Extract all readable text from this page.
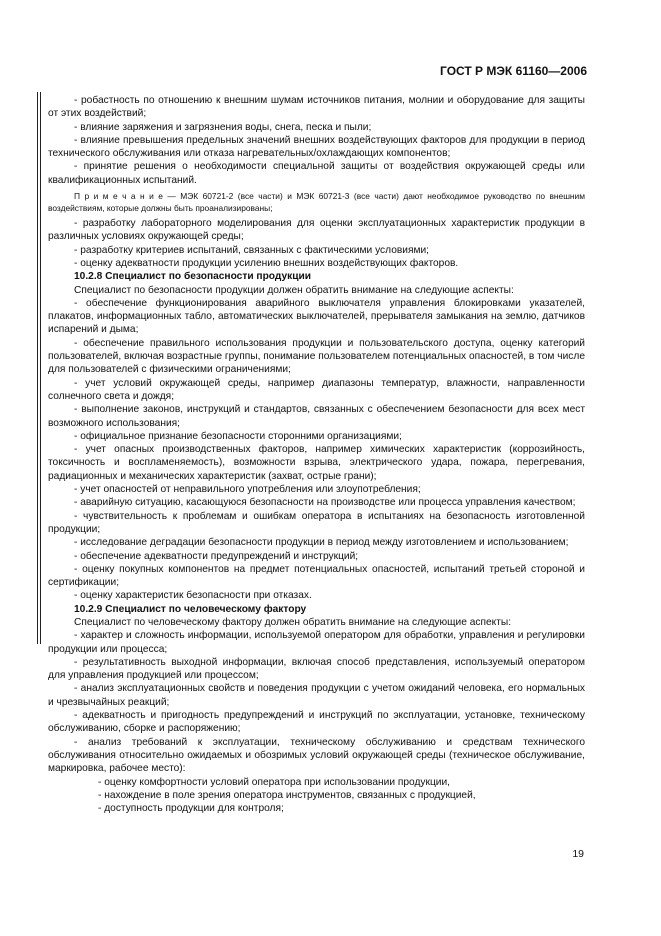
ГОСТ Р МЭК 61160—2006

- робастность по отношению к внешним шумам источников питания, молнии и оборудование для защиты от этих воздействий;

- влияние заряжения и загрязнения воды, снега, песка и пыли;

- влияние превышения предельных значений внешних воздействующих факторов для продукции в период технического обслуживания или отказа нагревательных/охлаждающих компонентов;

- принятие решения о необходимости специальной защиты от воздействия окружающей среды или квалификационных испытаний.

П р и м е ч а н и е — МЭК 60721-2 (все части) и МЭК 60721-3 (все части) дают необходимое руководство по внешним воздействиям, которые должны быть проанализированы;

- разработку лабораторного моделирования для оценки эксплуатационных характеристик продукции в различных условиях окружающей среды;

- разработку критериев испытаний, связанных с фактическими условиями;

- оценку адекватности продукции усилению внешних воздействующих факторов.

10.2.8 Специалист по безопасности продукции

Специалист по безопасности продукции должен обратить внимание на следующие аспекты:

- обеспечение функционирования аварийного выключателя управления блокировками указателей, плакатов, информационных табло, автоматических выключателей, прерывателя замыкания на землю, датчиков испарений и дыма;

- обеспечение правильного использования продукции и пользовательского доступа, оценку категорий пользователей, включая возрастные группы, понимание пользователем потенциальных опасностей, в том числе для пользователей с физическими ограничениями;

- учет условий окружающей среды, например диапазоны температур, влажности, направленности солнечного света и дождя;

- выполнение законов, инструкций и стандартов, связанных с обеспечением безопасности для всех мест возможного использования;

- официальное признание безопасности сторонними организациями;

- учет опасных производственных факторов, например химических характеристик (коррозийность, токсичность и воспламеняемость), возможности взрыва, электрического удара, пожара, перегревания, радиационных и механических характеристик (захват, острые грани);

- учет опасностей от неправильного употребления или злоупотребления;

- аварийную ситуацию, касающуюся безопасности на производстве или процесса управления качеством;

- чувствительность к проблемам и ошибкам оператора в испытаниях на безопасность изготовленной продукции;

- исследование деградации безопасности продукции в период между изготовлением и использованием;

- обеспечение адекватности предупреждений и инструкций;

- оценку покупных компонентов на предмет потенциальных опасностей, испытаний третьей стороной и сертификации;

- оценку характеристик безопасности при отказах.

10.2.9 Специалист по человеческому фактору

Специалист по человеческому фактору должен обратить внимание на следующие аспекты:

- характер и сложность информации, используемой оператором для обработки, управления и регулировки продукции или процесса;

- результативность выходной информации, включая способ представления, используемый оператором для управления продукцией или процессом;

- анализ эксплуатационных свойств и поведения продукции с учетом ожиданий человека, его нормальных и чрезвычайных реакций;

- адекватность и пригодность предупреждений и инструкций по эксплуатации, установке, техническому обслуживанию, сборке и распоряжению;

- анализ требований к эксплуатации, техническому обслуживанию и средствам технического обслуживания относительно ожидаемых и обозримых условий окружающей среды (техническое обслуживание, маркировка, рабочее место):

- оценку комфортности условий оператора при использовании продукции,

- нахождение в поле зрения оператора инструментов, связанных с продукцией,

- доступность продукции для контроля;

19
